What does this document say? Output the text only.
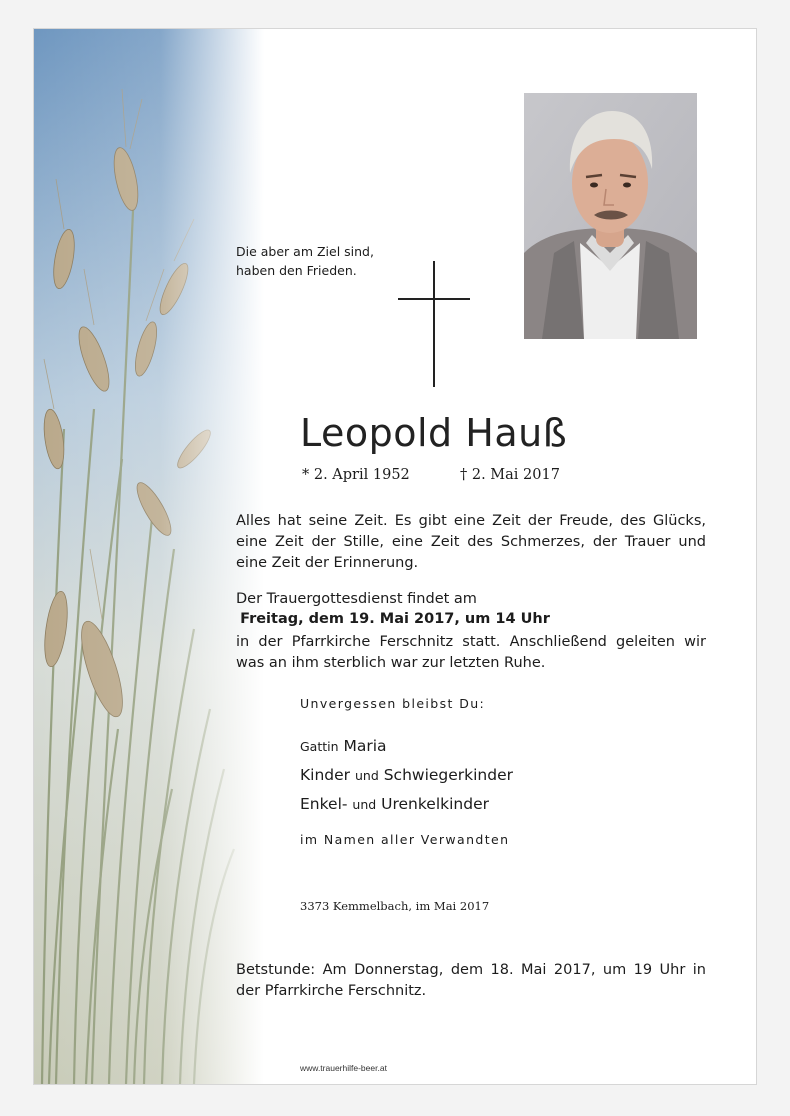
Die aber am Ziel sind,
haben den Frieden.
Leopold Hauß
* 2. April 1952	† 2. Mai 2017
Alles hat seine Zeit. Es gibt eine Zeit der Freude, des Glücks, eine Zeit der Stille, eine Zeit des Schmerzes, der Trauer und eine Zeit der Erinnerung.
Der Trauergottesdienst findet am
Freitag, dem 19. Mai 2017, um 14 Uhr
in der Pfarrkirche Ferschnitz statt. Anschließend geleiten wir was an ihm sterblich war zur letzten Ruhe.
Unvergessen bleibst Du:
Gattin Maria
Kinder und Schwiegerkinder
Enkel- und Urenkelkinder
im Namen aller Verwandten
3373 Kemmelbach, im Mai 2017
Betstunde: Am Donnerstag, dem 18. Mai 2017, um 19 Uhr in der Pfarrkirche Ferschnitz.
www.trauerhilfe-beer.at
